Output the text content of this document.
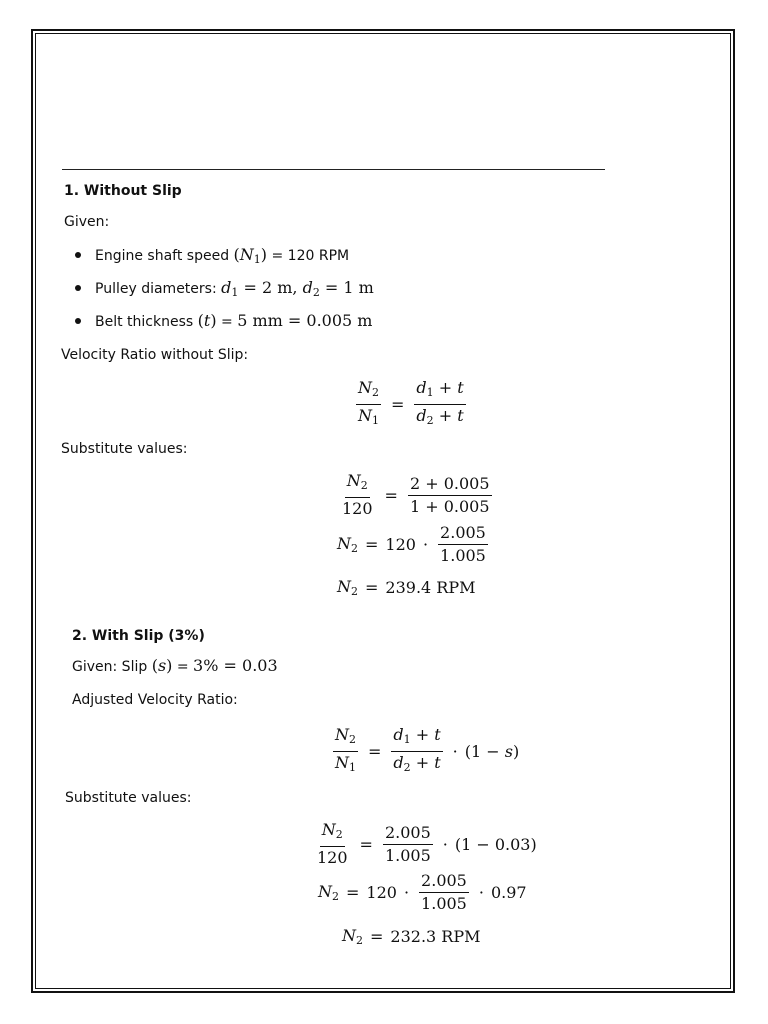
1. Without Slip
Given:
Engine shaft speed $(N_1) = 120$ RPM
Pulley diameters: $d_1 = 2$ m, $d_2 = 1$ m
Belt thickness (t) = 5 mm = 0.005 m
Velocity Ratio without Slip:
$\frac{N_2}{N_1} = \frac{d_1 + t}{d_2 + t}$
Substitute values:
$\frac{N_2}{120} = \frac{2 + 0.005}{1 + 0.005}$
$N_2 = 120 \cdot \frac{2.005}{1.005}$
$N_2 = 239.4$ RPM
2. With Slip (3%)
Given: Slip (s) = 3% = 0.03
Adjusted Velocity Ratio:
$\frac{N_2}{N_1} = \frac{d_1 + t}{d_2 + t} \cdot (1 - s)$
Substitute values:
$\frac{N_2}{120} = \frac{2.005}{1.005} \cdot (1 - 0.03)$
$N_2 = 120 \cdot \frac{2.005}{1.005} \cdot 0.97$
$N_2 = 232.3$ RPM
